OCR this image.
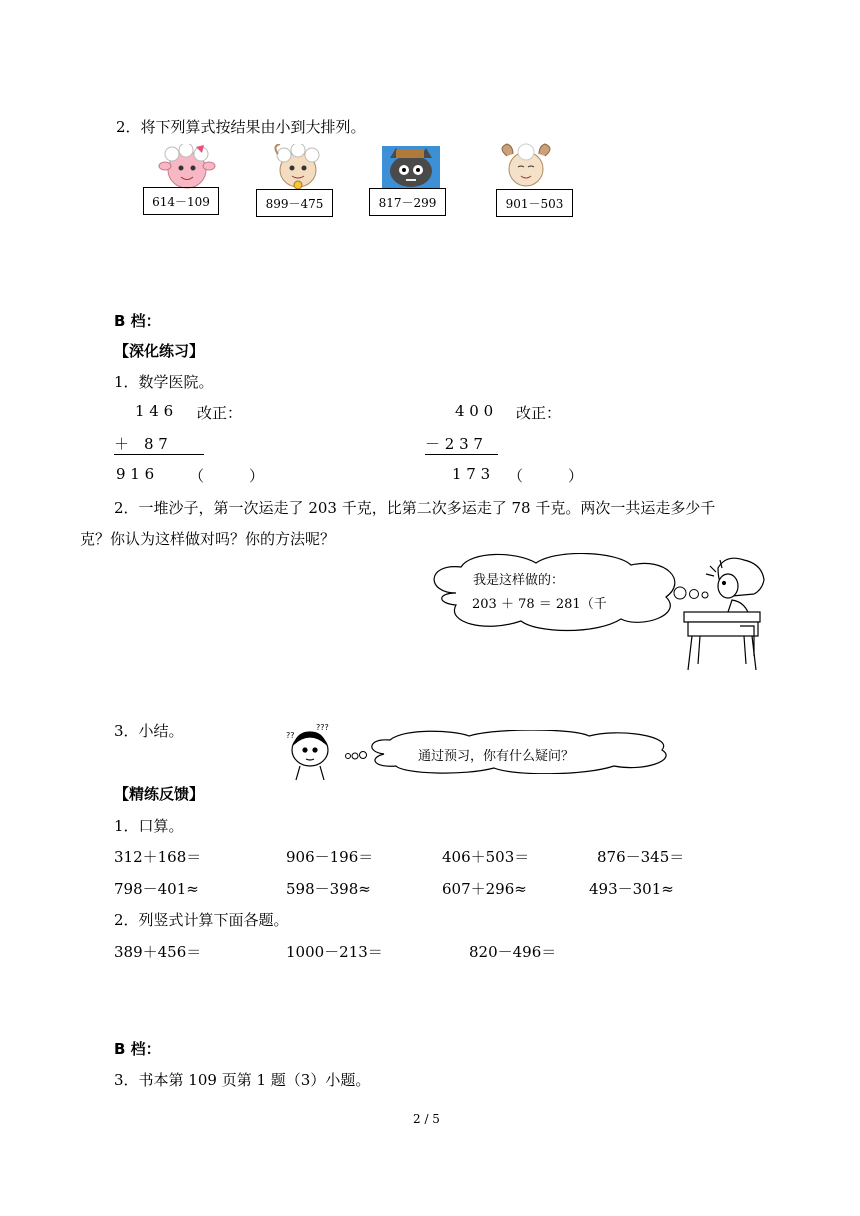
2．将下列算式按结果由小到大排列。
614－109	899－475	817－299	901－503
B 档：
【深化练习】
1．数学医院。
1 4 6 改正：
＋　8 7
9 1 6 （　　　）
4 0 0 改正：
－ 2 3 7
1 7 3 （　　　）
2．一堆沙子，第一次运走了 203 千克，比第二次多运走了 78 千克。两次一共运走多少千
克？你认为这样做对吗？你的方法呢？
我是这样做的：
203 ＋ 78 ＝ 281（千
3．小结。	???
??
通过预习，你有什么疑问？
【精练反馈】
1．口算。
312＋168＝	906－196＝	406＋503＝	876－345＝
798－401≈	598－398≈	607＋296≈	493－301≈
2．列竖式计算下面各题。
389＋456＝	1000－213＝	820－496＝
B 档：
3．书本第 109 页第 1 题（3）小题。
2 / 5
